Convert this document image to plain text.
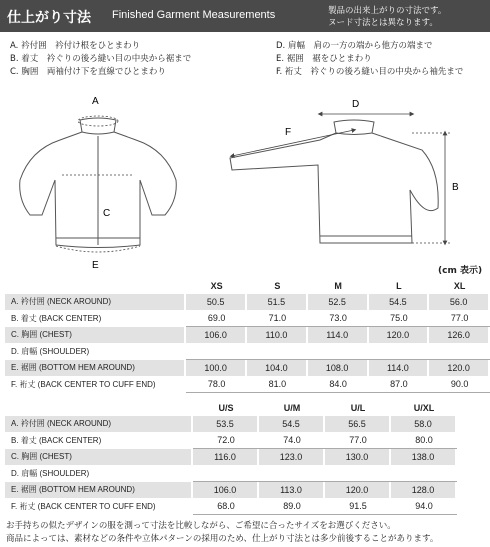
仕上がり寸法 Finished Garment Measurements	製品の出来上がりの寸法です。
ヌード寸法とは異なります。
A. 衿付囲　衿付け根をひとまわり
B. 着丈　衿ぐりの後ろ縫い目の中央から裾まで
C. 胸囲　両袖付け下を直線でひとまわり
D. 肩幅　肩の一方の端から他方の端まで
E. 裾囲　裾をひとまわり
F. 裄丈　衿ぐりの後ろ縫い目の中央から袖先まで
A
C
E
D
F
B
(cm 表示)
	XS	S	M	L	XL
A. 衿付囲 (NECK AROUND)	50.5	51.5	52.5	54.5	56.0
B. 着丈 (BACK CENTER)	69.0	71.0	73.0	75.0	77.0
C. 胸囲 (CHEST)	106.0	110.0	114.0	120.0	126.0
D. 肩幅 (SHOULDER)					
E. 裾囲 (BOTTOM HEM AROUND)	100.0	104.0	108.0	114.0	120.0
F. 裄丈 (BACK CENTER TO CUFF END)	78.0	81.0	84.0	87.0	90.0
	U/S	U/M	U/L	U/XL
A. 衿付囲 (NECK AROUND)	53.5	54.5	56.5	58.0
B. 着丈 (BACK CENTER)	72.0	74.0	77.0	80.0
C. 胸囲 (CHEST)	116.0	123.0	130.0	138.0
D. 肩幅 (SHOULDER)				
E. 裾囲 (BOTTOM HEM AROUND)	106.0	113.0	120.0	128.0
F. 裄丈 (BACK CENTER TO CUFF END)	68.0	89.0	91.5	94.0
お手持ちの似たデザインの服を測って寸法を比較しながら、ご希望に合ったサイズをお選びください。
商品によっては、素材などの条件や立体パターンの採用のため、仕上がり寸法とは多少前後することがあります。
